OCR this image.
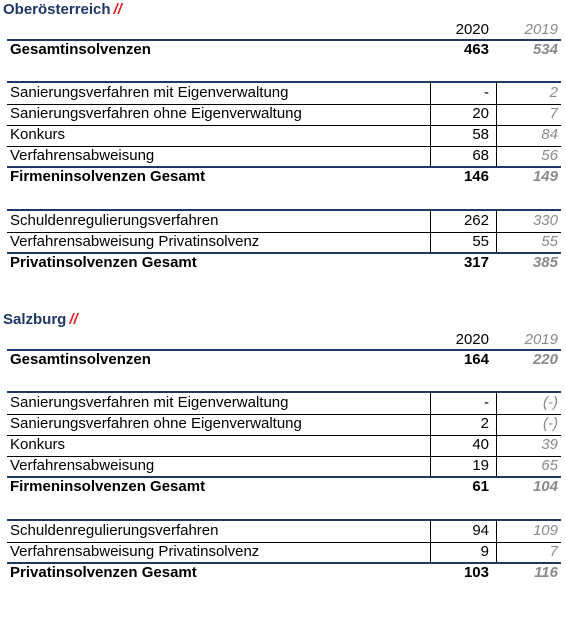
Oberösterreich //
2020	2019
Gesamtinsolvenzen	463	534
Sanierungsverfahren mit Eigenverwaltung	-	2
Sanierungsverfahren ohne Eigenverwaltung	20	7
Konkurs	58	84
Verfahrensabweisung	68	56
Firmeninsolvenzen Gesamt	146	149
Schuldenregulierungsverfahren	262	330
Verfahrensabweisung Privatinsolvenz	55	55
Privatinsolvenzen Gesamt	317	385
Salzburg //
2020	2019
Gesamtinsolvenzen	164	220
Sanierungsverfahren mit Eigenverwaltung	-	(-)
Sanierungsverfahren ohne Eigenverwaltung	2	(-)
Konkurs	40	39
Verfahrensabweisung	19	65
Firmeninsolvenzen Gesamt	61	104
Schuldenregulierungsverfahren	94	109
Verfahrensabweisung Privatinsolvenz	9	7
Privatinsolvenzen Gesamt	103	116
